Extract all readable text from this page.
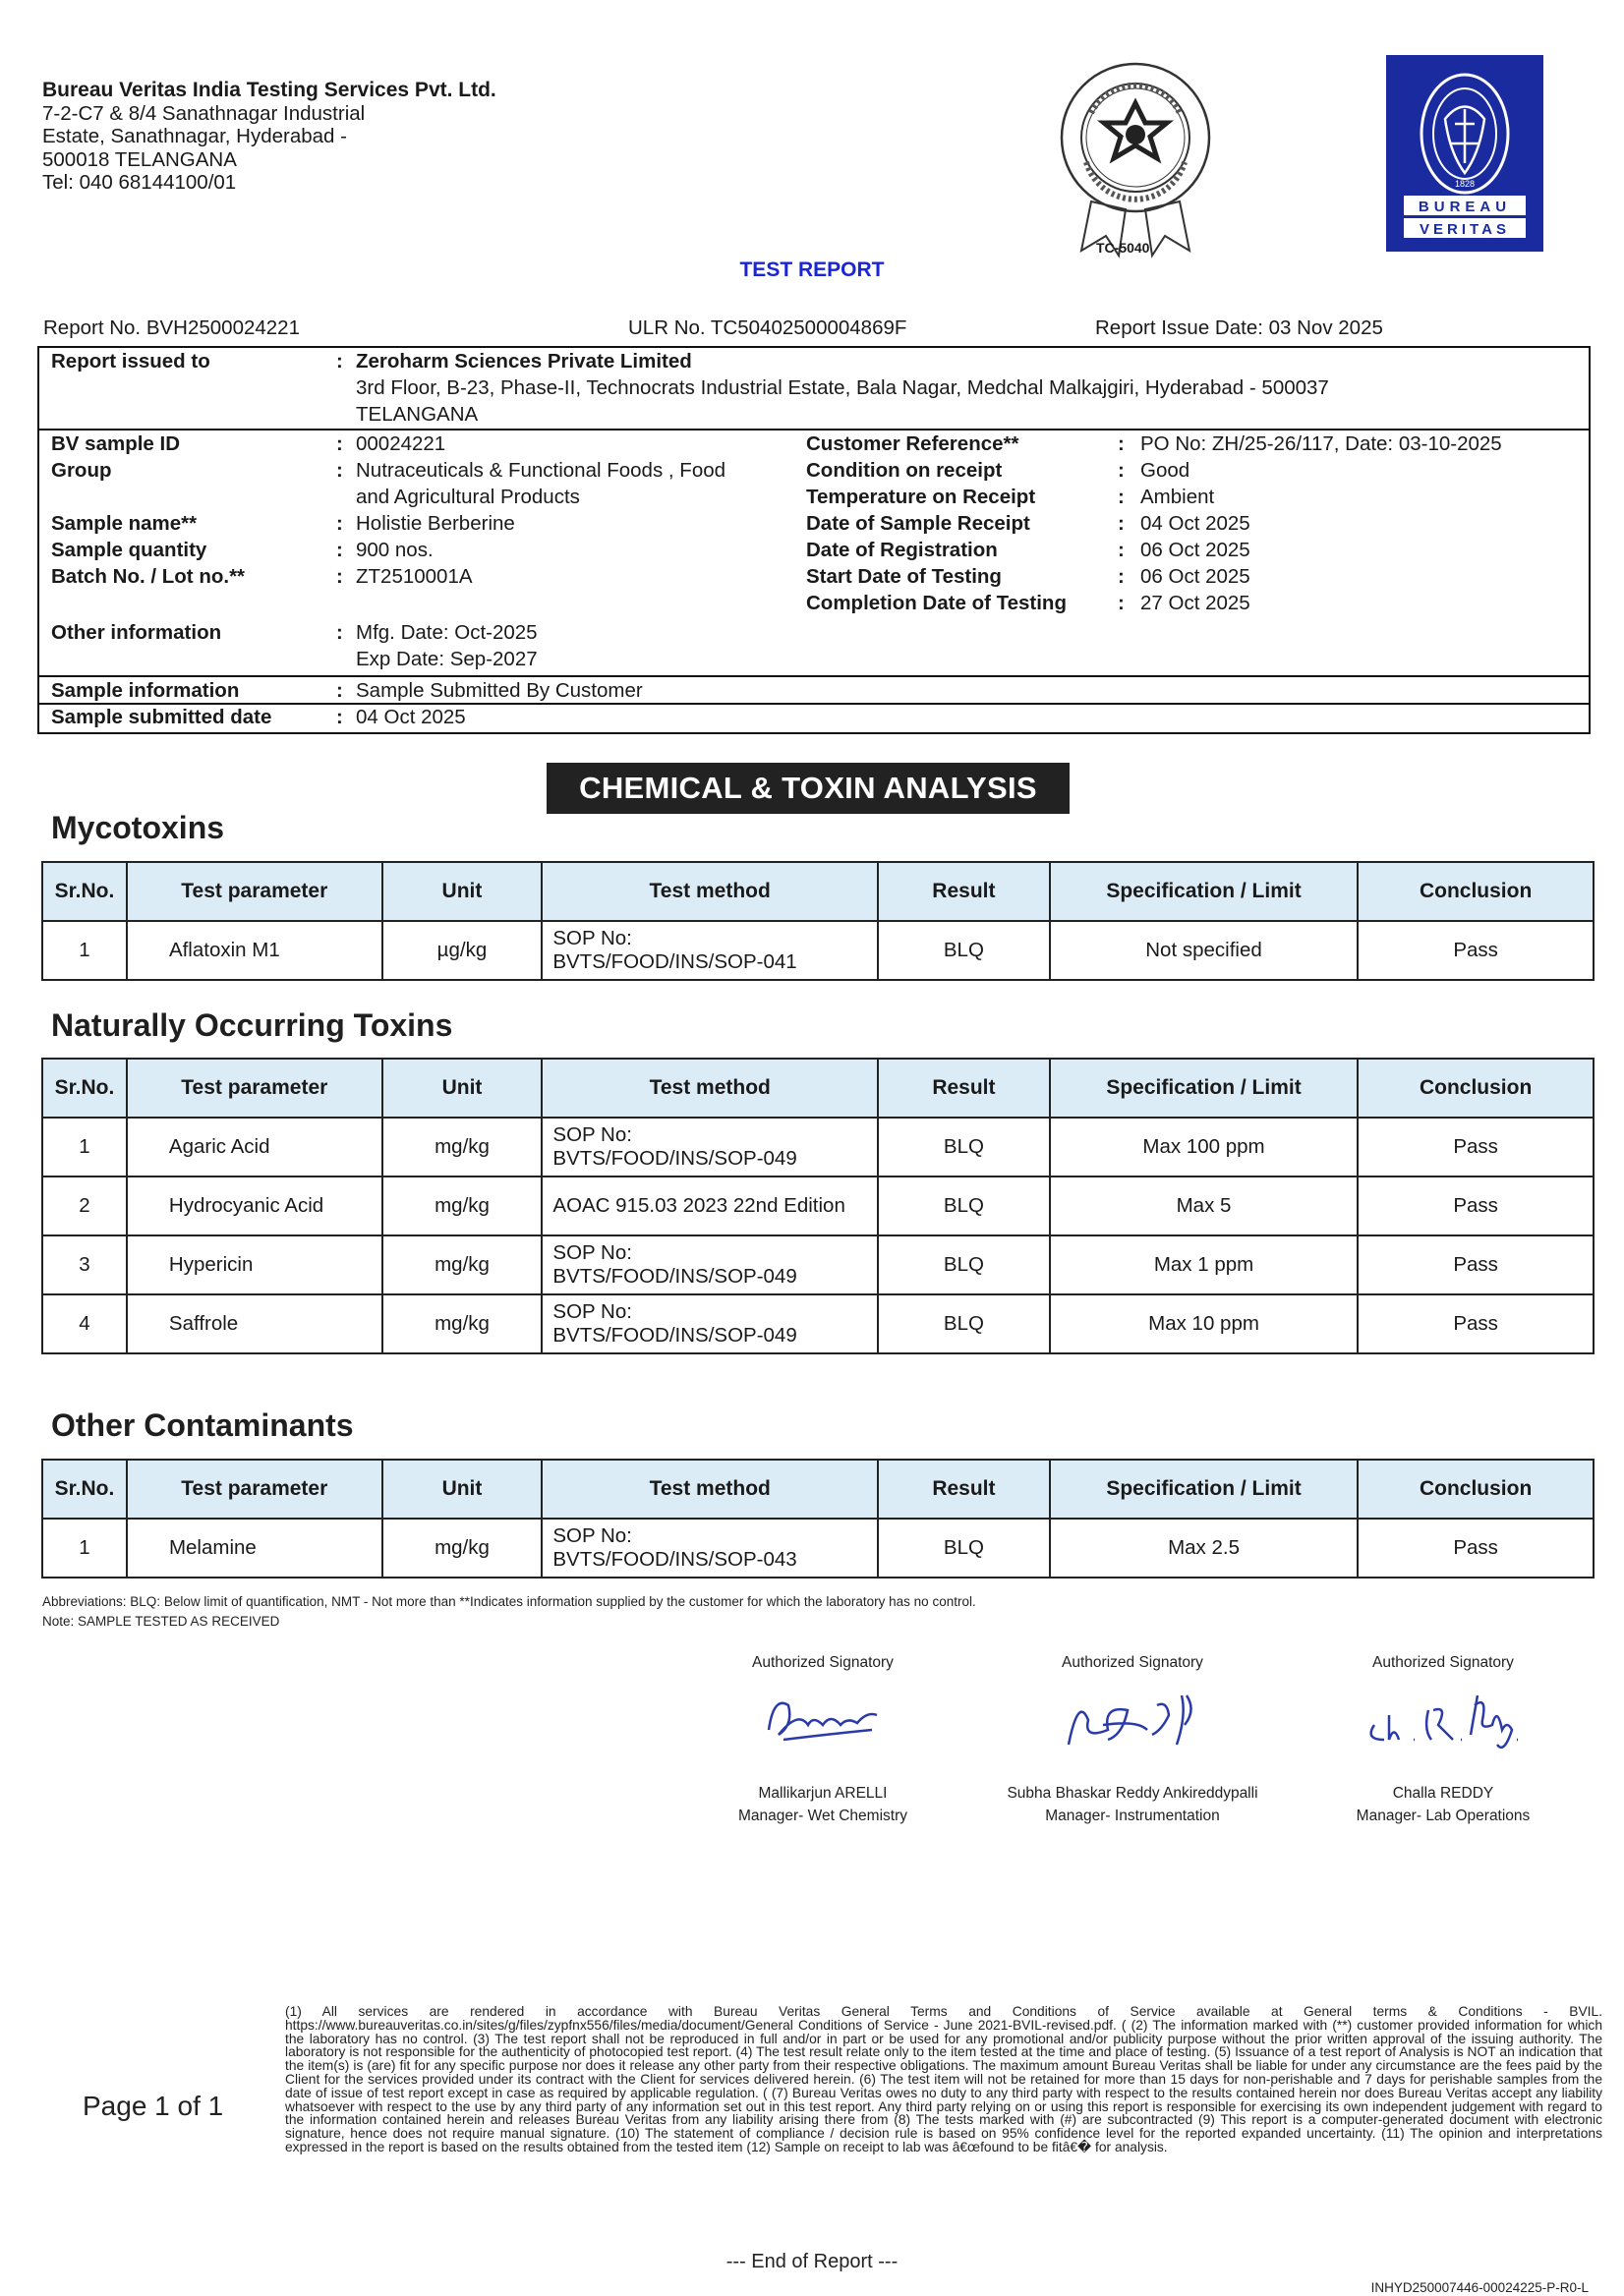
Bureau Veritas India Testing Services Pvt. Ltd.
7-2-C7 & 8/4 Sanathnagar Industrial
Estate, Sanathnagar, Hyderabad -
500018 TELANGANA
Tel: 040 68144100/01
TC-5040
BUREAU
VERITAS
1828
TEST REPORT
Report No. BVH2500024221	ULR No. TC50402500004869F	Report Issue Date: 03 Nov 2025
Report issued to	: Zeroharm Sciences Private Limited
3rd Floor, B-23, Phase-II, Technocrats Industrial Estate, Bala Nagar, Medchal Malkajgiri, Hyderabad - 500037
TELANGANA
BV sample ID	: 00024221
Group	: Nutraceuticals & Functional Foods , Food
and Agricultural Products
Sample name**	: Holistie Berberine
Sample quantity	: 900 nos.
Batch No. / Lot no.**	: ZT2510001A
Other information	: Mfg. Date: Oct-2025
Exp Date: Sep-2027
Customer Reference**	: PO No: ZH/25-26/117, Date: 03-10-2025
Condition on receipt	: Good
Temperature on Receipt	: Ambient
Date of Sample Receipt	: 04 Oct 2025
Date of Registration	: 06 Oct 2025
Start Date of Testing	: 06 Oct 2025
Completion Date of Testing	: 27 Oct 2025
Sample information	: Sample Submitted By Customer
Sample submitted date	: 04 Oct 2025
CHEMICAL & TOXIN ANALYSIS
Mycotoxins
Sr.No.	Test parameter	Unit	Test method	Result	Specification / Limit	Conclusion
1	Aflatoxin M1	µg/kg	SOP No:
BVTS/FOOD/INS/SOP-041	BLQ	Not specified	Pass
Naturally Occurring Toxins
Sr.No.	Test parameter	Unit	Test method	Result	Specification / Limit	Conclusion
1	Agaric Acid	mg/kg	SOP No:
BVTS/FOOD/INS/SOP-049	BLQ	Max 100 ppm	Pass
2	Hydrocyanic Acid	mg/kg	AOAC 915.03 2023 22nd Edition	BLQ	Max 5	Pass
3	Hypericin	mg/kg	SOP No:
BVTS/FOOD/INS/SOP-049	BLQ	Max 1 ppm	Pass
4	Saffrole	mg/kg	SOP No:
BVTS/FOOD/INS/SOP-049	BLQ	Max 10 ppm	Pass
Other Contaminants
Sr.No.	Test parameter	Unit	Test method	Result	Specification / Limit	Conclusion
1	Melamine	mg/kg	SOP No:
BVTS/FOOD/INS/SOP-043	BLQ	Max 2.5	Pass
Abbreviations: BLQ: Below limit of quantification, NMT - Not more than **Indicates information supplied by the customer for which the laboratory has no control.
Note: SAMPLE TESTED AS RECEIVED
Authorized Signatory
Mallikarjun ARELLI
Manager- Wet Chemistry
Authorized Signatory
Subha Bhaskar Reddy Ankireddypalli
Manager- Instrumentation
Authorized Signatory
Challa REDDY
Manager- Lab Operations
Page 1 of 1
(1) All services are rendered in accordance with Bureau Veritas General Terms and Conditions of Service available at General terms & Conditions - BVIL. https://www.bureauveritas.co.in/sites/g/files/zypfnx556/files/media/document/General Conditions of Service - June 2021-BVIL-revised.pdf. ( (2) The information marked with (**) customer provided information for which the laboratory has no control. (3) The test report shall not be reproduced in full and/or in part or be used for any promotional and/or publicity purpose without the prior written approval of the issuing authority. The laboratory is not responsible for the authenticity of photocopied test report. (4) The test result relate only to the item tested at the time and place of testing. (5) Issuance of a test report of Analysis is NOT an indication that the item(s) is (are) fit for any specific purpose nor does it release any other party from their respective obligations. The maximum amount Bureau Veritas shall be liable for under any circumstance are the fees paid by the Client for the services provided under its contract with the Client for services delivered herein. (6) The test item will not be retained for more than 15 days for non-perishable and 7 days for perishable samples from the date of issue of test report except in case as required by applicable regulation. ( (7) Bureau Veritas owes no duty to any third party with respect to the results contained herein nor does Bureau Veritas accept any liability whatsoever with respect to the use by any third party of any information set out in this test report. Any third party relying on or using this report is responsible for exercising its own independent judgement with regard to the information contained herein and releases Bureau Veritas from any liability arising there from (8) The tests marked with (#) are subcontracted (9) This report is a computer-generated document with electronic signature, hence does not require manual signature. (10) The statement of compliance / decision rule is based on 95% confidence level for the reported expanded uncertainty. (11) The opinion and interpretations expressed in the report is based on the results obtained from the tested item (12) Sample on receipt to lab was â€œfound to be fitâ€� for analysis.
--- End of Report ---
INHYD250007446-00024225-P-R0-L
